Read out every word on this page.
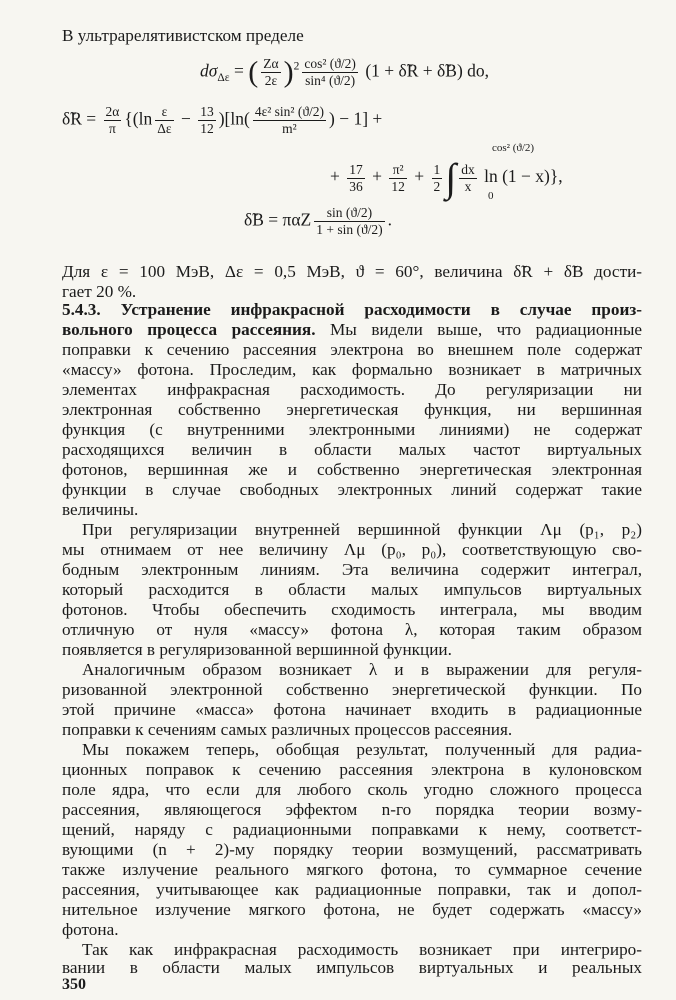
В ультрарелятивистском пределе
$d\sigma_{\Delta\varepsilon}$ = ( $\frac{Z\alpha}{2\varepsilon} )^2 \frac{\text{cos² (ϑ/2)}}{\text{sin⁴ (ϑ/2)}} (1$ + δ̃R + δ̃B) do,
δ̃R = $\frac{2\alpha}{\pi} \{(\ln \frac{\varepsilon}{\Delta\varepsilon} - \frac{13}{12} )[\ln( \frac{\text{4ε² sin² (ϑ/2)}}{\text{m²}}$ ) − 1] +
+ $\frac{17}{36} + \frac{\text{π²}}{12} + \frac{1}{2}$ ∫ $\frac{dx}{x}$ ln (1 − x)},
cos² (ϑ/2)
0
δ̃B = παZ $\frac{\sin (ϑ/2)}{1 + \sin (ϑ/2)}$ .
Для ε = 100 МэВ, Δε = 0,5 МэВ, ϑ = 60°, величина δ̃R + δ̃B дости-
гает 20 %.
5.4.3. Устранение инфракрасной расходимости в случае произ-
вольного процесса рассеяния. Мы видели выше, что радиационные
поправки к сечению рассеяния электрона во внешнем поле содержат
«массу» фотона. Проследим, как формально возникает в матричных
элементах инфракрасная расходимость. До регуляризации ни
электронная собственно энергетическая функция, ни вершинная
функция (с внутренними электронными линиями) не содержат
расходящихся величин в области малых частот виртуальных
фотонов, вершинная же и собственно энергетическая электронная
функции в случае свободных электронных линий содержат такие
величины.
При регуляризации внутренней вершинной функции Λμ (p₁, p₂)
мы отнимаем от нее величину Λμ (p₀, p₀), соответствующую сво-
бодным электронным линиям. Эта величина содержит интеграл,
который расходится в области малых импульсов виртуальных
фотонов. Чтобы обеспечить сходимость интеграла, мы вводим
отличную от нуля «массу» фотона λ, которая таким образом
появляется в регуляризованной вершинной функции.
Аналогичным образом возникает λ и в выражении для регуля-
ризованной электронной собственно энергетической функции. По
этой причине «масса» фотона начинает входить в радиационные
поправки к сечениям самых различных процессов рассеяния.
Мы покажем теперь, обобщая результат, полученный для радиа-
ционных поправок к сечению рассеяния электрона в кулоновском
поле ядра, что если для любого сколь угодно сложного процесса
рассеяния, являющегося эффектом n-го порядка теории возму-
щений, наряду с радиационными поправками к нему, соответст-
вующими (n + 2)-му порядку теории возмущений, рассматривать
также излучение реального мягкого фотона, то суммарное сечение
рассеяния, учитывающее как радиационные поправки, так и допол-
нительное излучение мягкого фотона, не будет содержать «массу»
фотона.
Так как инфракрасная расходимость возникает при интегриро-
вании в области малых импульсов виртуальных и реальных
350
